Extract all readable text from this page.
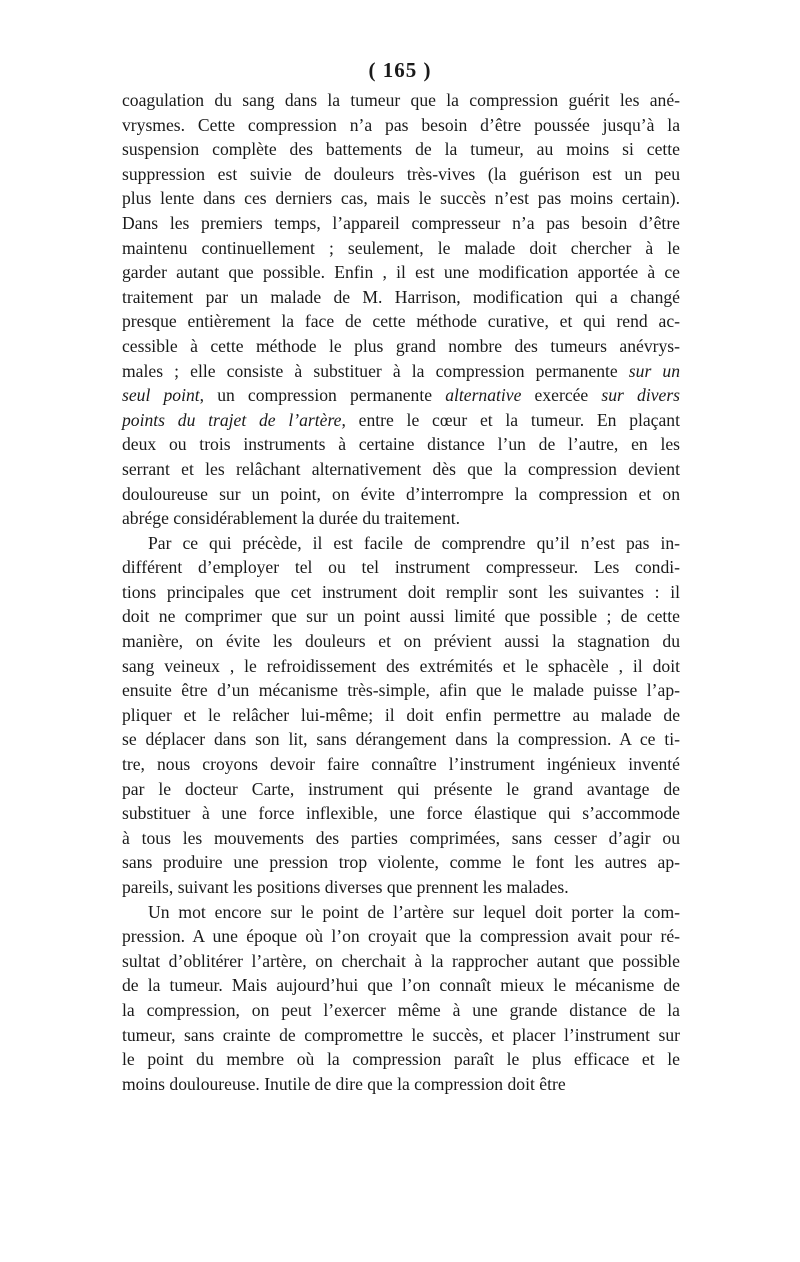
( 165 )
coagulation du sang dans la tumeur que la compression guérit les ané-
vrysmes. Cette compression n’a pas besoin d’être poussée jusqu’à la
suspension complète des battements de la tumeur, au moins si cette
suppression est suivie de douleurs très-vives (la guérison est un peu
plus lente dans ces derniers cas, mais le succès n’est pas moins certain).
Dans les premiers temps, l’appareil compresseur n’a pas besoin d’être
maintenu continuellement ; seulement, le malade doit chercher à le
garder autant que possible. Enfin , il est une modification apportée à ce
traitement par un malade de M. Harrison, modification qui a changé
presque entièrement la face de cette méthode curative, et qui rend ac-
cessible à cette méthode le plus grand nombre des tumeurs anévrys-
males ; elle consiste à substituer à la compression permanente sur un
seul point, un compression permanente alternative exercée sur divers
points du trajet de l’artère, entre le cœur et la tumeur. En plaçant
deux ou trois instruments à certaine distance l’un de l’autre, en les
serrant et les relâchant alternativement dès que la compression devient
douloureuse sur un point, on évite d’interrompre la compression et on
abrége considérablement la durée du traitement.
Par ce qui précède, il est facile de comprendre qu’il n’est pas in-
différent d’employer tel ou tel instrument compresseur. Les condi-
tions principales que cet instrument doit remplir sont les suivantes : il
doit ne comprimer que sur un point aussi limité que possible ; de cette
manière, on évite les douleurs et on prévient aussi la stagnation du
sang veineux , le refroidissement des extrémités et le sphacèle , il doit
ensuite être d’un mécanisme très-simple, afin que le malade puisse l’ap-
pliquer et le relâcher lui-même; il doit enfin permettre au malade de
se déplacer dans son lit, sans dérangement dans la compression. A ce ti-
tre, nous croyons devoir faire connaître l’instrument ingénieux inventé
par le docteur Carte, instrument qui présente le grand avantage de
substituer à une force inflexible, une force élastique qui s’accommode
à tous les mouvements des parties comprimées, sans cesser d’agir ou
sans produire une pression trop violente, comme le font les autres ap-
pareils, suivant les positions diverses que prennent les malades.
Un mot encore sur le point de l’artère sur lequel doit porter la com-
pression. A une époque où l’on croyait que la compression avait pour ré-
sultat d’oblitérer l’artère, on cherchait à la rapprocher autant que possible
de la tumeur. Mais aujourd’hui que l’on connaît mieux le mécanisme de
la compression, on peut l’exercer même à une grande distance de la
tumeur, sans crainte de compromettre le succès, et placer l’instrument sur
le point du membre où la compression paraît le plus efficace et le
moins douloureuse. Inutile de dire que la compression doit être
